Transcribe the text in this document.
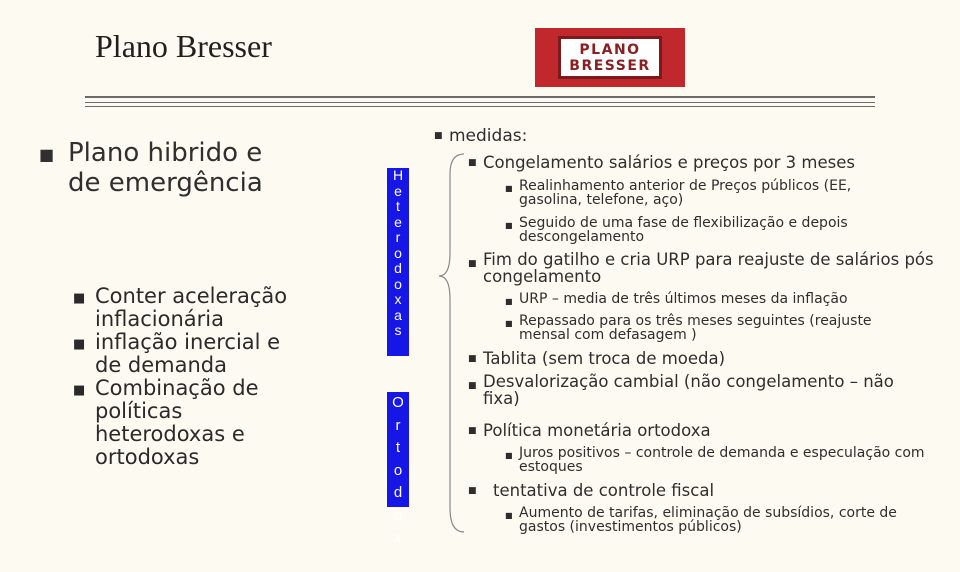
Plano Bresser	PLANO
BRESSER
■ Plano hibrido e de emergência
■ Conter aceleração inflacionária
■ inflação inercial e de demanda
■ Combinação de políticas heterodoxas e ortodoxas
H
e
t
e
r
o
d
o
x
a
s
O
r
t
o
d
o
x
.
■ medidas:
■ Congelamento salários e preços por 3 meses
■ Realinhamento anterior de Preços públicos (EE, gasolina, telefone, aço)
■ Seguido de uma fase de flexibilização e depois descongelamento
■ Fim do gatilho e cria URP para reajuste de salários pós congelamento
■ URP – media de três últimos meses da inflação
■ Repassado para os três meses seguintes (reajuste mensal com defasagem )
■ Tablita (sem troca de moeda)
■ Desvalorização cambial (não congelamento – não fixa)
■ Política monetária ortodoxa
■ Juros positivos – controle de demanda e especulação com estoques
■ tentativa de controle fiscal
■ Aumento de tarifas, eliminação de subsídios, corte de gastos (investimentos públicos)
